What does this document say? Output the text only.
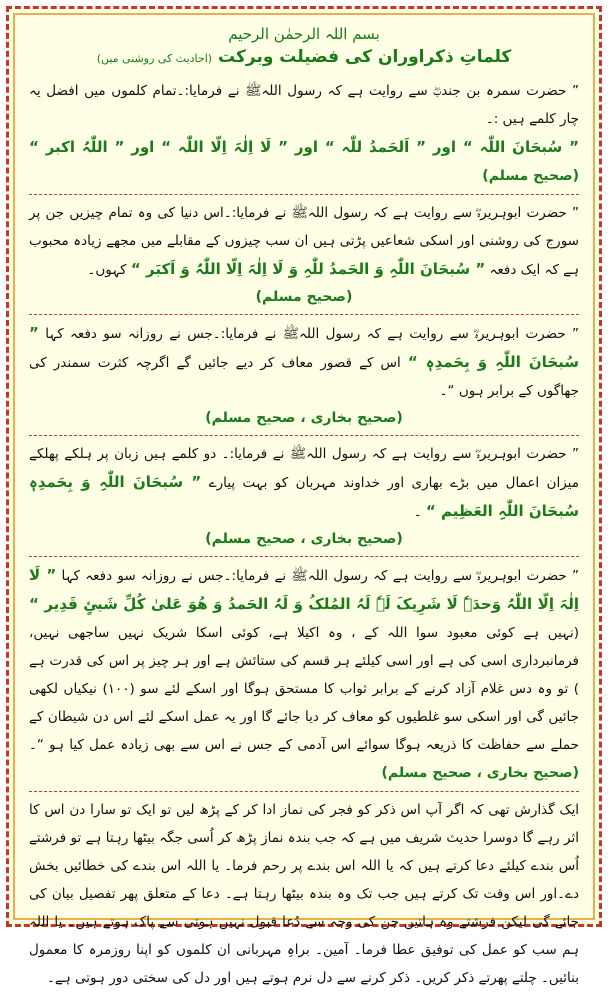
بسم اللہ الرحمٰن الرحیم
کلماتِ ذکراوران کی فضیلت وبرکت (احادیث کی روشنی میں)

” حضرت سمرہ بن جندبؓ سے روایت ہے کہ رسول اللہﷺ نے فرمایا:۔تمام کلموں میں افضل یہ چار کلمے ہیں :۔

” سُبحَانَ اللّٰہ “ اور ” اَلحَمدُ للّٰہ “ اور ” لَا اِلٰہَ اِلّا اللّٰہ “ اور ” اللّٰہُ اکبر “ (صحیح مسلم)

” حضرت ابوہریرہؓ سے روایت ہے کہ رسول اللہﷺ نے فرمایا:۔اس دنیا کی وہ تمام چیزیں جن پر سورج کی روشنی اور اسکی شعاعیں پڑتی ہیں ان سب چیزوں کے مقابلے میں مجھے زیادہ محبوب ہے کہ ایک دفعہ ” سُبحَانَ اللّٰہِ وَ الحَمدُ للّٰہِ وَ لَا اِلٰہَ اِلّا اللّٰہُ وَ اَکبَر “ کہوں۔

(صحیح مسلم)

” حضرت ابوہریرہؓ سے روایت ہے کہ رسول اللہﷺ نے فرمایا:۔جس نے روزانہ سو دفعہ کہا ” سُبحَانَ اللّٰہِ وَ بِحَمدِہٖ “ اس کے قصور معاف کر دیے جائیں گے اگرچہ کثرت سمندر کی جھاگوں کے برابر ہوں “۔

(صحیح بخاری ، صحیح مسلم)

” حضرت ابوہریرہؓ سے روایت ہے کہ رسول اللہﷺ نے فرمایا:۔ دو کلمے ہیں زبان پر ہلکے پھلکے میزان اعمال میں بڑے بھاری اور خداوند مہربان کو بہت پیارے ” سُبحَانَ اللّٰہِ وَ بِحَمدِہٖ سُبحَانَ اللّٰہِ العَظِیم “ ۔

(صحیح بخاری ، صحیح مسلم)

” حضرت ابوہریرہؓ سے روایت ہے کہ رسول اللہﷺ نے فرمایا:۔جس نے روزانہ سو دفعہ کہا ” لَا اِلٰہَ اِلّا اللّٰہُ وَحدَہٗ لَا شَرِیکَ لَہٗ لَہُ المُلکُ وَ لَہُ الحَمدُ وَ ھُوَ عَلیٰ کُلِّ شَیئٍ قَدِیر “ (نہیں ہے کوئی معبود سوا اللہ کے ، وہ اکیلا ہے، کوئی اسکا شریک نہیں ساجھی نہیں، فرمانبرداری اسی کی ہے اور اسی کیلئے ہر قسم کی ستائش ہے اور ہر چیز پر اس کی قدرت ہے ) تو وہ دس غلام آزاد کرنے کے برابر ثواب کا مستحق ہوگا اور اسکے لئے سو (۱۰۰) نیکیاں لکھی جائیں گی اور اسکی سو غلطیوں کو معاف کر دیا جائے گا اور یہ عمل اسکے لئے اس دن شیطان کے حملے سے حفاظت کا ذریعہ ہوگا سوائے اس آدمی کے جس نے اس سے بھی زیادہ عمل کیا ہو “۔ (صحیح بخاری ، صحیح مسلم)

ایک گذارش تھی کہ اگر آپ اس ذکر کو فجر کی نماز ادا کر کے پڑھ لیں تو ایک تو سارا دن اس کا اثر رہے گا دوسرا حدیث شریف میں ہے کہ جب بندہ نماز پڑھ کر اُسی جگہ بیٹھا رہتا ہے تو فرشتے اُس بندے کیلئے دعا کرتے ہیں کہ یا اللہ اس بندے پر رحم فرما۔ یا اللہ اس بندے کی خطائیں بخش دے۔اور اس وقت تک کرتے ہیں جب تک وہ بندہ بیٹھا رہتا ہے۔ دعا کے متعلق پھر تفصیل بیان کی جائے گی لیکن فرشتے وہ ہاتیں جن کی وجہ سے دُعا قبول نہیں ہوتی سے پاک ہوتے ہیں۔ یا اللہ ہم سب کو عمل کی توفیق عطا فرما۔ آمین۔ براہِ مہربانی ان کلموں کو اپنا روزمرہ کا معمول بنائیں۔ چلتے پھرتے ذکر کریں۔ ذکر کرنے سے دل نرم ہوتے ہیں اور دل کی سختی دور ہوتی ہے۔
